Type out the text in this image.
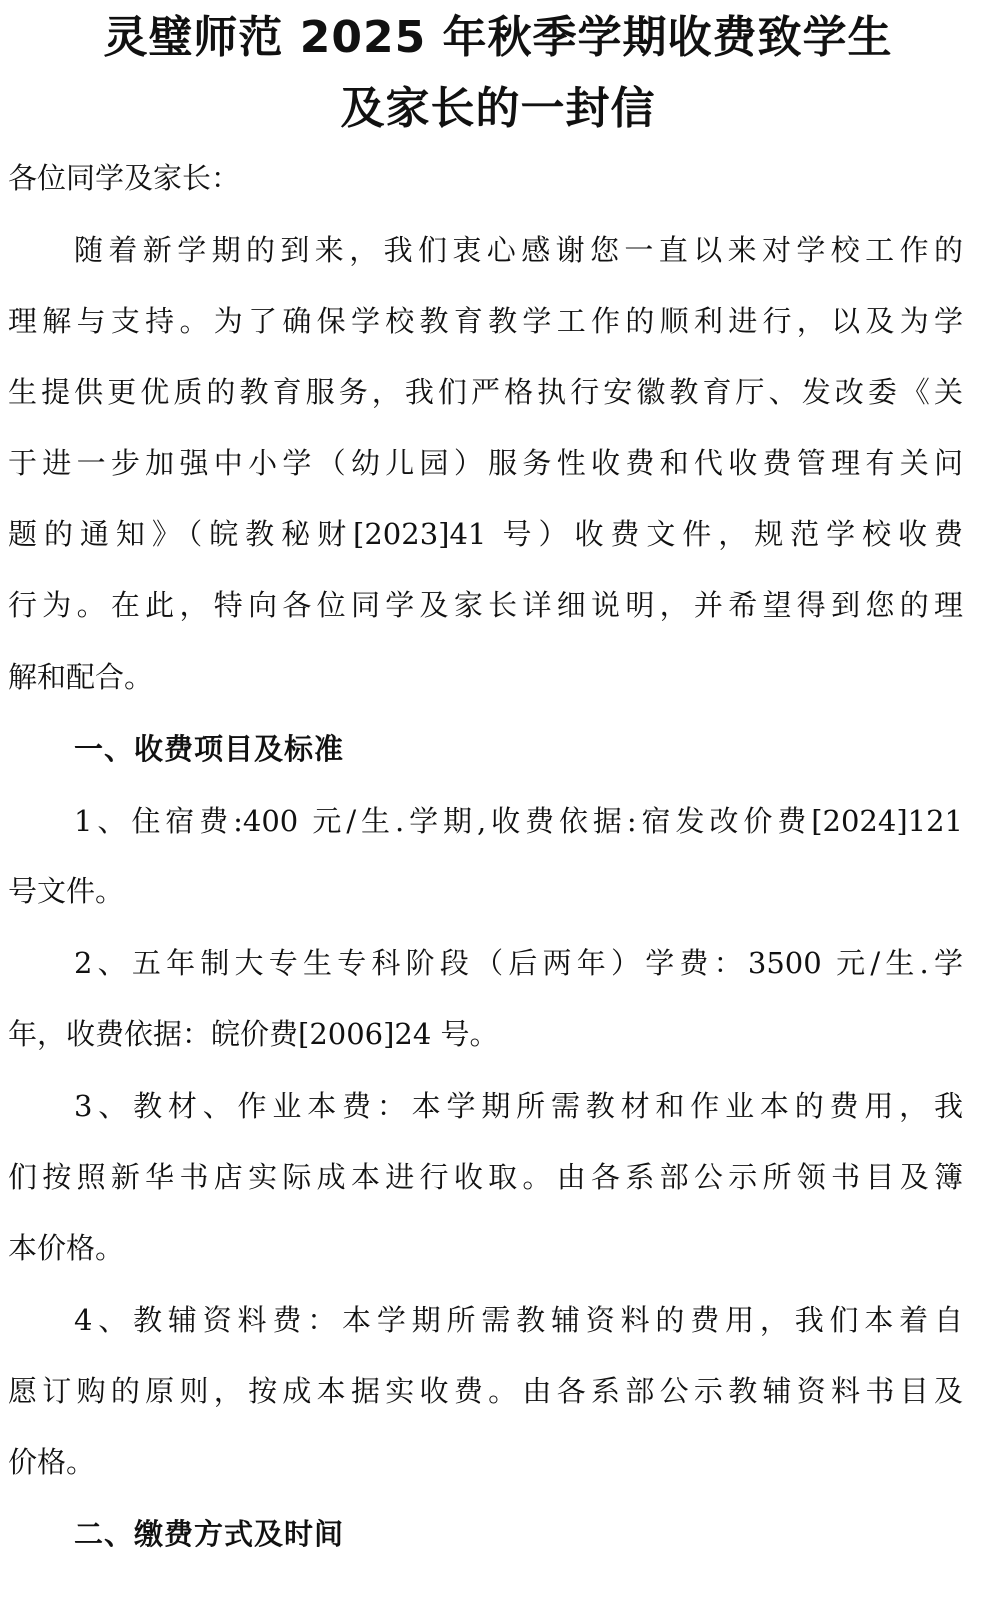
灵璧师范 2025 年秋季学期收费致学生
及家长的一封信

各位同学及家长：

随着新学期的到来，我们衷心感谢您一直以来对学校工作的

理解与支持。为了确保学校教育教学工作的顺利进行，以及为学

生提供更优质的教育服务，我们严格执行安徽教育厅、发改委《关

于进一步加强中小学（幼儿园）服务性收费和代收费管理有关问

题的通知》（皖教秘财[2023]41 号）收费文件，规范学校收费

行为。在此，特向各位同学及家长详细说明，并希望得到您的理

解和配合。

一、收费项目及标准

1、住宿费:400 元/生.学期,收费依据:宿发改价费[2024]121

号文件。

2、五年制大专生专科阶段（后两年）学费：3500 元/生.学

年，收费依据：皖价费[2006]24 号。

3、教材、作业本费：本学期所需教材和作业本的费用，我

们按照新华书店实际成本进行收取。由各系部公示所领书目及簿

本价格。

4、教辅资料费：本学期所需教辅资料的费用，我们本着自

愿订购的原则，按成本据实收费。由各系部公示教辅资料书目及

价格。

二、缴费方式及时间
